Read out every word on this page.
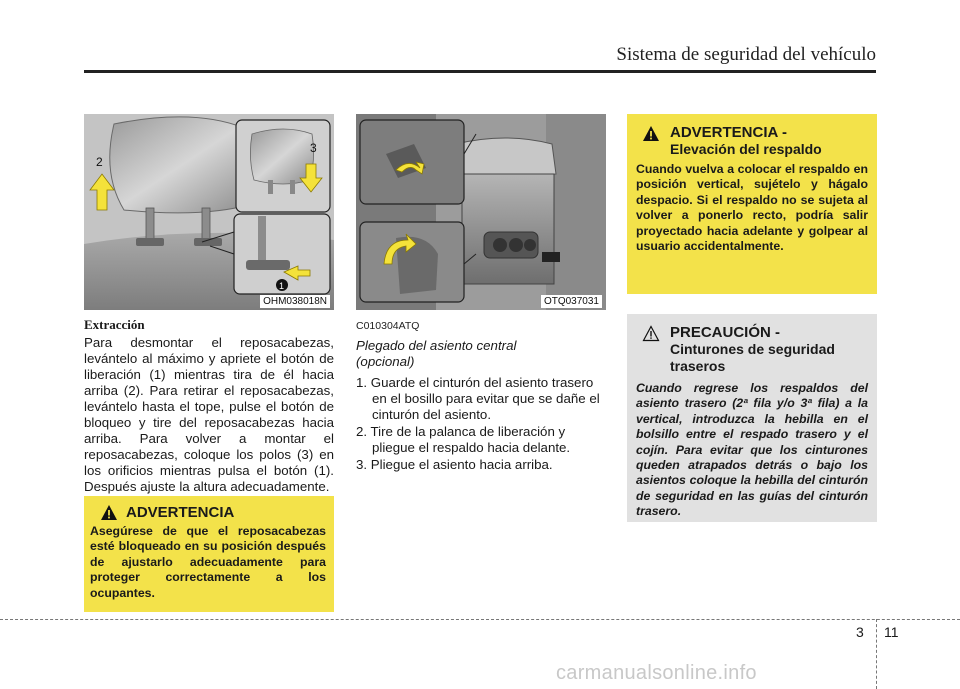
Sistema de seguridad del vehículo
2
3
1
OHM038018N	OTQ037031
Extracción
Para desmontar el reposacabezas, levántelo al máximo y apriete el botón de liberación (1) mientras tira de él hacia arriba (2). Para retirar el reposacabezas, levántelo hasta el tope, pulse el botón de bloqueo y tire del reposacabezas hacia arriba. Para volver a montar el reposacabezas, coloque los polos (3) en los orificios mientras pulsa el botón (1). Después ajuste la altura adecuadamente.
ADVERTENCIA
Asegúrese de que el reposacabezas esté bloqueado en su posición después de ajustarlo adecuadamente para proteger correctamente a los ocupantes.
C010304ATQ
Plegado del asiento central (opcional)
1. Guarde el cinturón del asiento trasero en el bosillo para evitar que se dañe el cinturón del asiento.
2. Tire de la palanca de liberación y pliegue el respaldo hacia delante.
3. Pliegue el asiento hacia arriba.
ADVERTENCIA -
Elevación del respaldo
Cuando vuelva a colocar el respaldo en posición vertical, sujételo y hágalo despacio. Si el respaldo no se sujeta al volver a ponerlo recto, podría salir proyectado hacia adelante y golpear al usuario accidentalmente.
PRECAUCIÓN -
Cinturones de seguridad
traseros
Cuando regrese los respaldos del asiento trasero (2ª fila y/o 3ª fila) a la vertical, introduzca la hebilla en el bolsillo entre el respado trasero y el cojín. Para evitar que los cinturones queden atrapados detrás o bajo los asientos coloque la hebilla del cinturón de seguridad en las guías del cinturón trasero.
3 11
carmanualsonline.info
